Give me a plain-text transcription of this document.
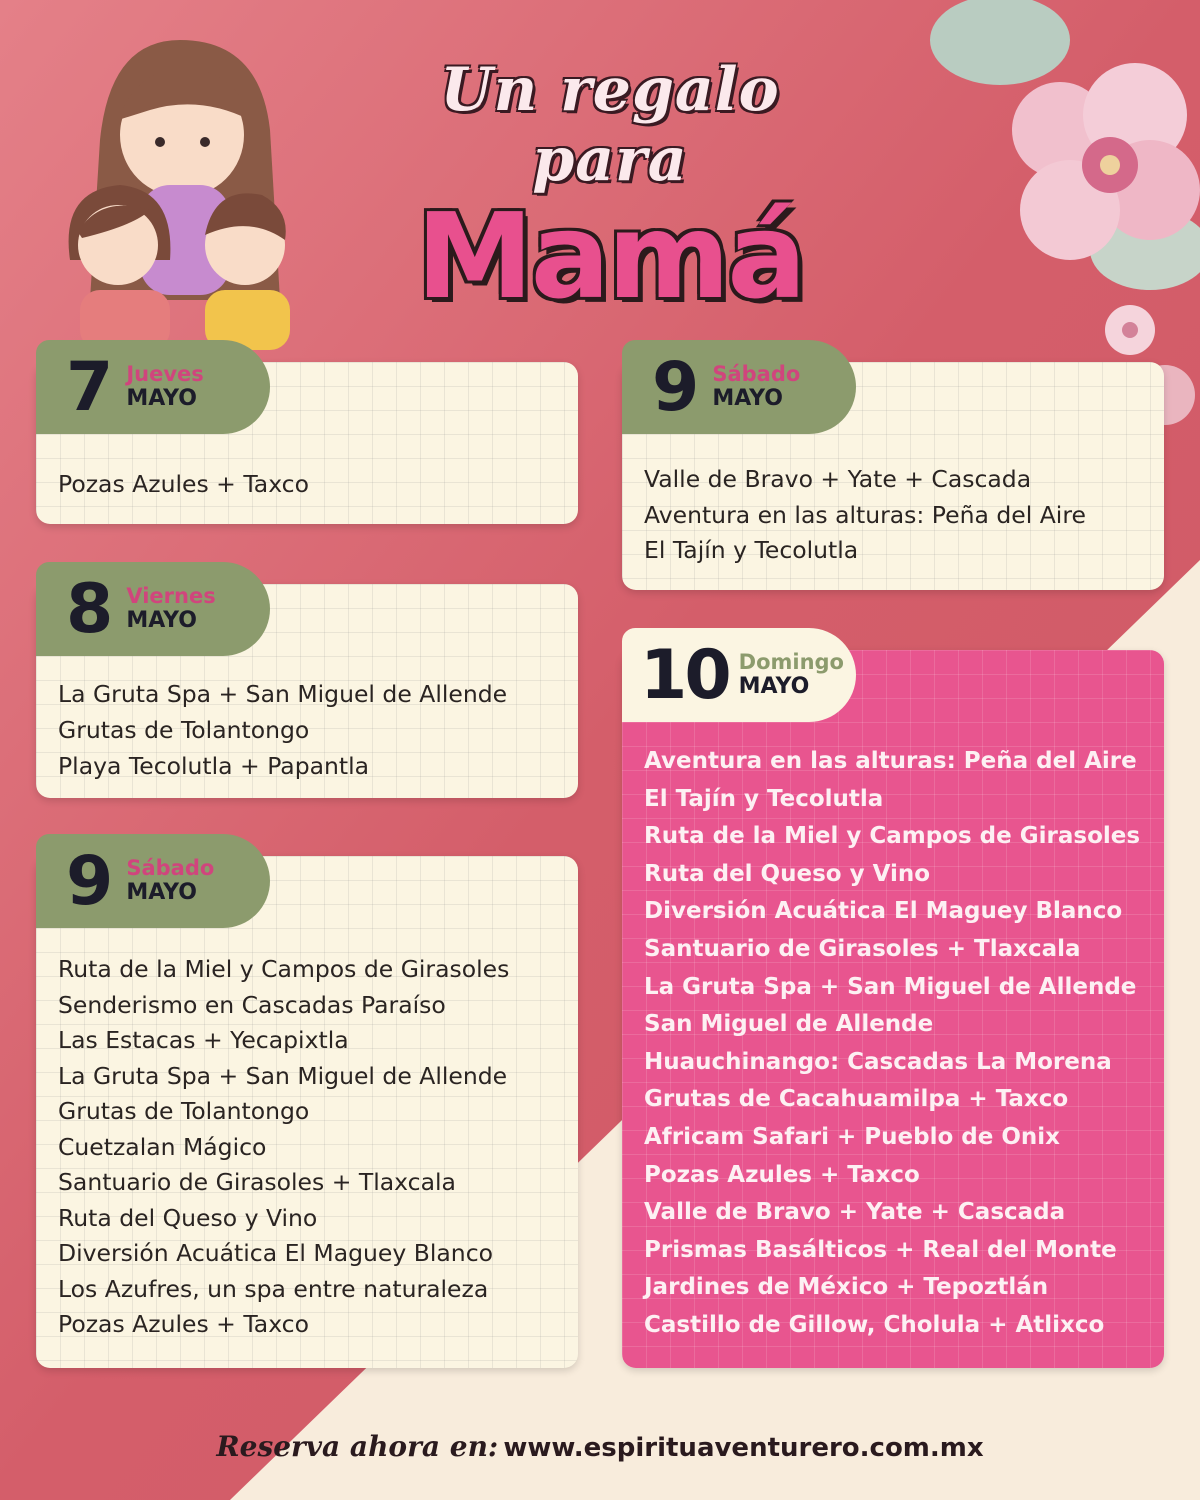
Un regalo para
Mamá
7 Jueves
MAYO
Pozas Azules + Taxco
8 Viernes
MAYO
La Gruta Spa + San Miguel de Allende
Grutas de Tolantongo
Playa Tecolutla + Papantla
9 Sábado
MAYO
Ruta de la Miel y Campos de Girasoles
Senderismo en Cascadas Paraíso
Las Estacas + Yecapixtla
La Gruta Spa + San Miguel de Allende
Grutas de Tolantongo
Cuetzalan Mágico
Santuario de Girasoles + Tlaxcala
Ruta del Queso y Vino
Diversión Acuática El Maguey Blanco
Los Azufres, un spa entre naturaleza
Pozas Azules + Taxco
9 Sábado
MAYO
Valle de Bravo + Yate + Cascada
Aventura en las alturas: Peña del Aire
El Tajín y Tecolutla
10 Domingo
MAYO
Aventura en las alturas: Peña del Aire
El Tajín y Tecolutla
Ruta de la Miel y Campos de Girasoles
Ruta del Queso y Vino
Diversión Acuática El Maguey Blanco
Santuario de Girasoles + Tlaxcala
La Gruta Spa + San Miguel de Allende
San Miguel de Allende
Huauchinango: Cascadas La Morena
Grutas de Cacahuamilpa + Taxco
Africam Safari + Pueblo de Onix
Pozas Azules + Taxco
Valle de Bravo + Yate + Cascada
Prismas Basálticos + Real del Monte
Jardines de México + Tepoztlán
Castillo de Gillow, Cholula + Atlixco
Reserva ahora en: www.espirituaventurero.com.mx
